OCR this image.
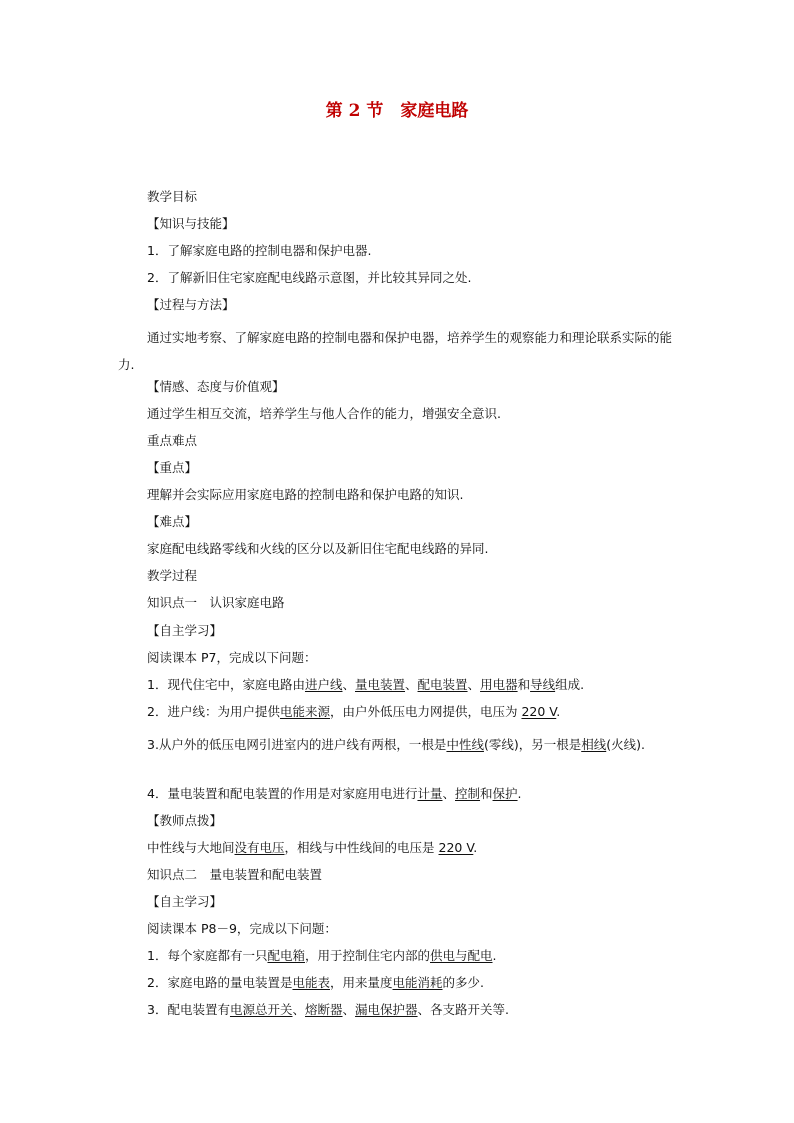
第 2 节　家庭电路
教学目标
【知识与技能】
1．了解家庭电路的控制电器和保护电器.
2．了解新旧住宅家庭配电线路示意图，并比较其异同之处.
【过程与方法】
通过实地考察、了解家庭电路的控制电器和保护电器，培养学生的观察能力和理论联系实际的能力.
【情感、态度与价值观】
通过学生相互交流，培养学生与他人合作的能力，增强安全意识.
重点难点
【重点】
理解并会实际应用家庭电路的控制电路和保护电路的知识.
【难点】
家庭配电线路零线和火线的区分以及新旧住宅配电线路的异同.
教学过程
知识点一　认识家庭电路
【自主学习】
阅读课本 P7，完成以下问题：
1．现代住宅中，家庭电路由进户线、量电装置、配电装置、用电器和导线组成.
2．进户线：为用户提供电能来源，由户外低压电力网提供，电压为 220 V.
3.从户外的低压电网引进室内的进户线有两根，一根是中性线(零线)，另一根是相线(火线).
4．量电装置和配电装置的作用是对家庭用电进行计量、控制和保护.
【教师点拨】
中性线与大地间没有电压，相线与中性线间的电压是 220 V.
知识点二　量电装置和配电装置
【自主学习】
阅读课本 P8－9，完成以下问题：
1．每个家庭都有一只配电箱，用于控制住宅内部的供电与配电.
2．家庭电路的量电装置是电能表，用来量度电能消耗的多少.
3．配电装置有电源总开关、熔断器、漏电保护器、各支路开关等.
